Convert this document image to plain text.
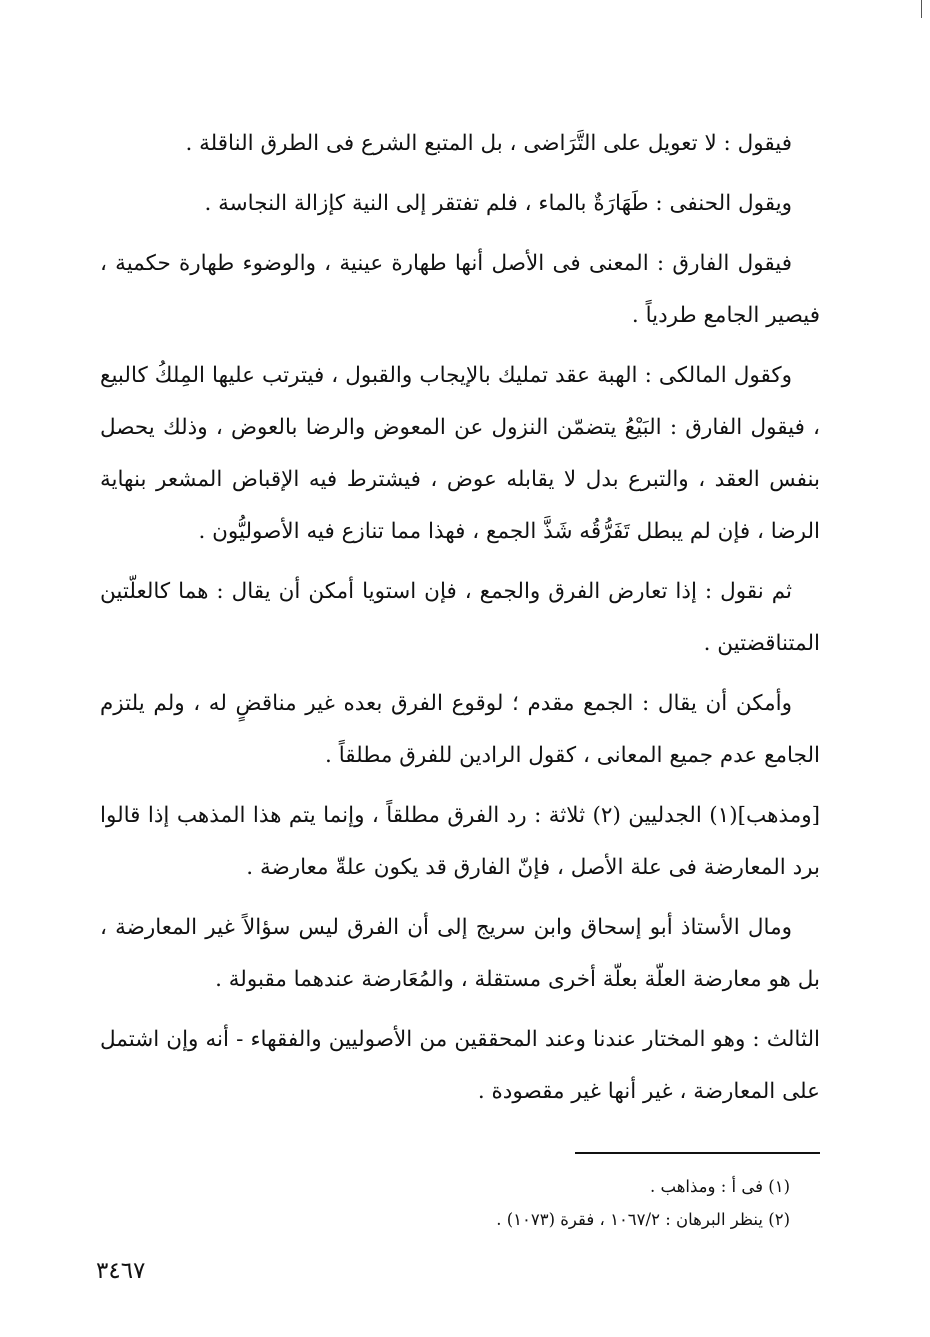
فيقول : لا تعويل على التَّرَاضى ، بل المتبع الشرع فى الطرق الناقلة .

ويقول الحنفى : طَهَارَةٌ بالماء ، فلم تفتقر إلى النية كإزالة النجاسة .

فيقول الفارق : المعنى فى الأصل أنها طهارة عينية ، والوضوء طهارة حكمية ، فيصير الجامع طردياً .

وكقول المالكى : الهبة عقد تمليك بالإيجاب والقبول ، فيترتب عليها المِلكُ كالبيع ، فيقول الفارق : البَيْعُ يتضمّن النزول عن المعوض والرضا بالعوض ، وذلك يحصل بنفس العقد ، والتبرع بدل لا يقابله عوض ، فيشترط فيه الإقباض المشعر بنهاية الرضا ، فإن لم يبطل تَفَرُّقُه شَذَّ الجمع ، فهذا مما تنازع فيه الأصوليُّون .

ثم نقول : إذا تعارض الفرق والجمع ، فإن استويا أمكن أن يقال : هما كالعلّتين المتناقضتين .

وأمكن أن يقال : الجمع مقدم ؛ لوقوع الفرق بعده غير مناقضٍ له ، ولم يلتزم الجامع عدم جميع المعانى ، كقول الرادين للفرق مطلقاً .

[ومذهب](١) الجدليين (٢) ثلاثة : رد الفرق مطلقاً ، وإنما يتم هذا المذهب إذا قالوا برد المعارضة فى علة الأصل ، فإنّ الفارق قد يكون علةّ معارضة .

ومال الأستاذ أبو إسحاق وابن سريج إلى أن الفرق ليس سؤالاً غير المعارضة ، بل هو معارضة العلّة بعلّة أخرى مستقلة ، والمُعَارضة عندهما مقبولة .

الثالث : وهو المختار عندنا وعند المحققين من الأصوليين والفقهاء - أنه وإن اشتمل على المعارضة ، غير أنها غير مقصودة .

(١) فى أ : ومذاهب .

(٢) ينظر البرهان : ١٠٦٧/٢ ، فقرة (١٠٧٣) .

٣٤٦٧
